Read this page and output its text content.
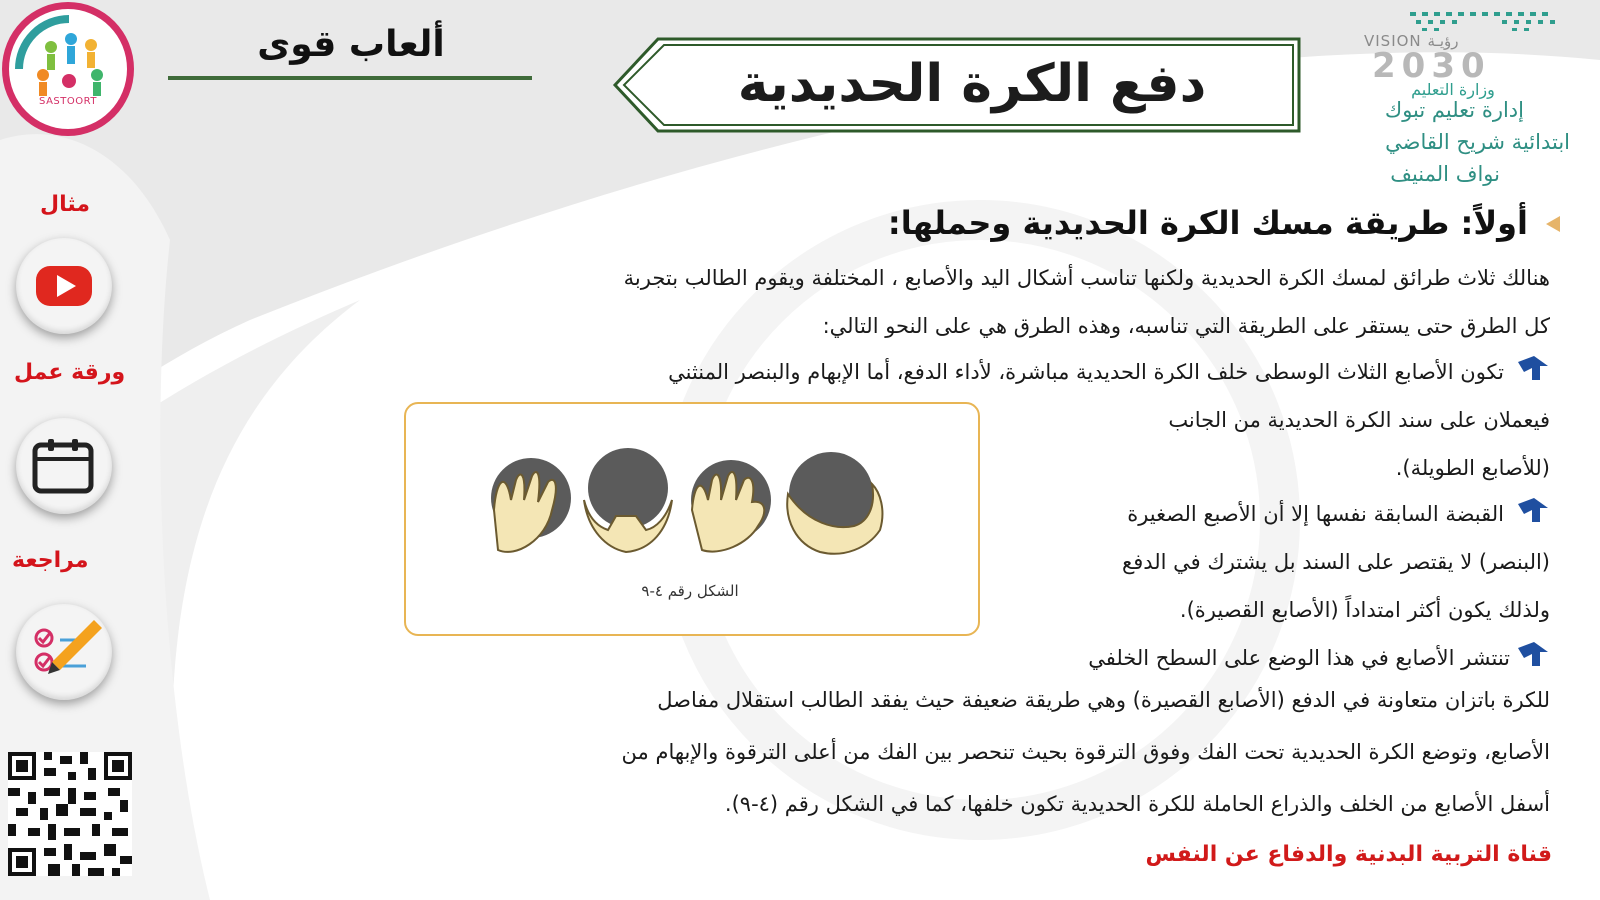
SASTOORT
مثال
ورقة عمل
مراجعة
ألعاب قوى
دفع الكرة الحديدية
VISION رؤيـة
2030
وزارة التعليم
إدارة تعليم تبوك
ابتدائية شريح القاضي
نواف المنيف
أولاً: طريقة مسك الكرة الحديدية وحملها:
هنالك ثلاث طرائق لمسك الكرة الحديدية ولكنها تناسب أشكال اليد والأصابع ، المختلفة ويقوم الطالب بتجربة
كل الطرق حتى يستقر على الطريقة التي تناسبه، وهذه الطرق هي على النحو التالي:
تكون الأصابع الثلاث الوسطى خلف الكرة الحديدية مباشرة، لأداء الدفع، أما الإبهام والبنصر المنثني
فيعملان على سند الكرة الحديدية من الجانب
(للأصابع الطويلة).
القبضة السابقة نفسها إلا أن الأصبع الصغيرة
(البنصر) لا يقتصر على السند بل يشترك في الدفع
ولذلك يكون أكثر امتداداً (الأصابع القصيرة).
تنتشر الأصابع في هذا الوضع على السطح الخلفي
للكرة باتزان متعاونة في الدفع (الأصابع القصيرة) وهي طريقة ضعيفة حيث يفقد الطالب استقلال مفاصل
الأصابع، وتوضع الكرة الحديدية تحت الفك وفوق الترقوة بحيث تنحصر بين الفك من أعلى الترقوة والإبهام من
أسفل الأصابع من الخلف والذراع الحاملة للكرة الحديدية تكون خلفها، كما في الشكل رقم (٤-٩).
الشكل رقم ٤-٩
قناة التربية البدنية والدفاع عن النفس
